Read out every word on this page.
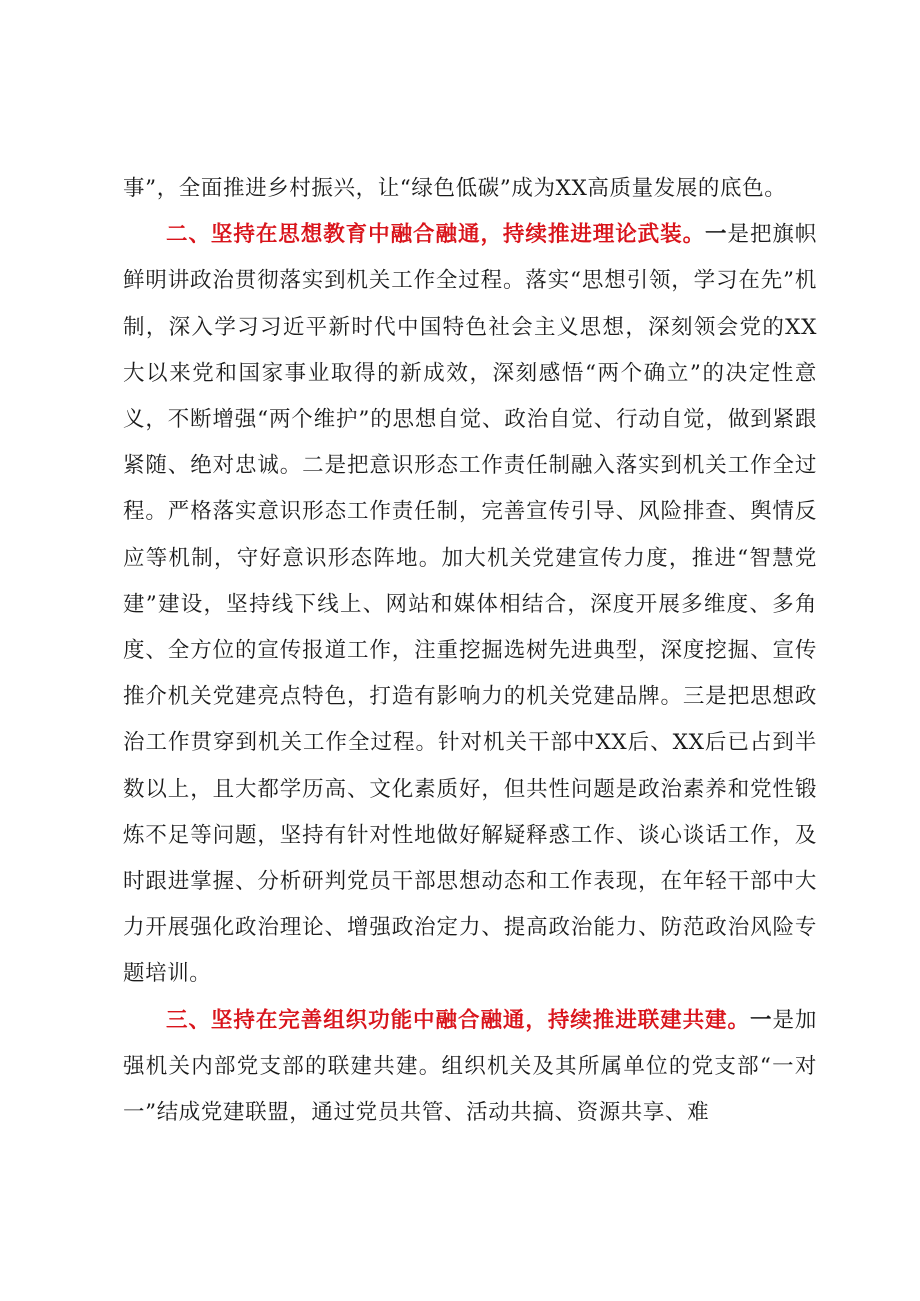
事”，全面推进乡村振兴，让“绿色低碳”成为XX高质量发展的底色。

二、坚持在思想教育中融合融通，持续推进理论武装。一是把旗帜鲜明讲政治贯彻落实到机关工作全过程。落实“思想引领，学习在先”机制，深入学习习近平新时代中国特色社会主义思想，深刻领会党的XX大以来党和国家事业取得的新成效，深刻感悟“两个确立”的决定性意义，不断增强“两个维护”的思想自觉、政治自觉、行动自觉，做到紧跟紧随、绝对忠诚。二是把意识形态工作责任制融入落实到机关工作全过程。严格落实意识形态工作责任制，完善宣传引导、风险排查、舆情反应等机制，守好意识形态阵地。加大机关党建宣传力度，推进“智慧党建”建设，坚持线下线上、网站和媒体相结合，深度开展多维度、多角度、全方位的宣传报道工作，注重挖掘选树先进典型，深度挖掘、宣传推介机关党建亮点特色，打造有影响力的机关党建品牌。三是把思想政治工作贯穿到机关工作全过程。针对机关干部中XX后、XX后已占到半数以上，且大都学历高、文化素质好，但共性问题是政治素养和党性锻炼不足等问题，坚持有针对性地做好解疑释惑工作、谈心谈话工作，及时跟进掌握、分析研判党员干部思想动态和工作表现，在年轻干部中大力开展强化政治理论、增强政治定力、提高政治能力、防范政治风险专题培训。

三、坚持在完善组织功能中融合融通，持续推进联建共建。一是加强机关内部党支部的联建共建。组织机关及其所属单位的党支部“一对一”结成党建联盟，通过党员共管、活动共搞、资源共享、难
